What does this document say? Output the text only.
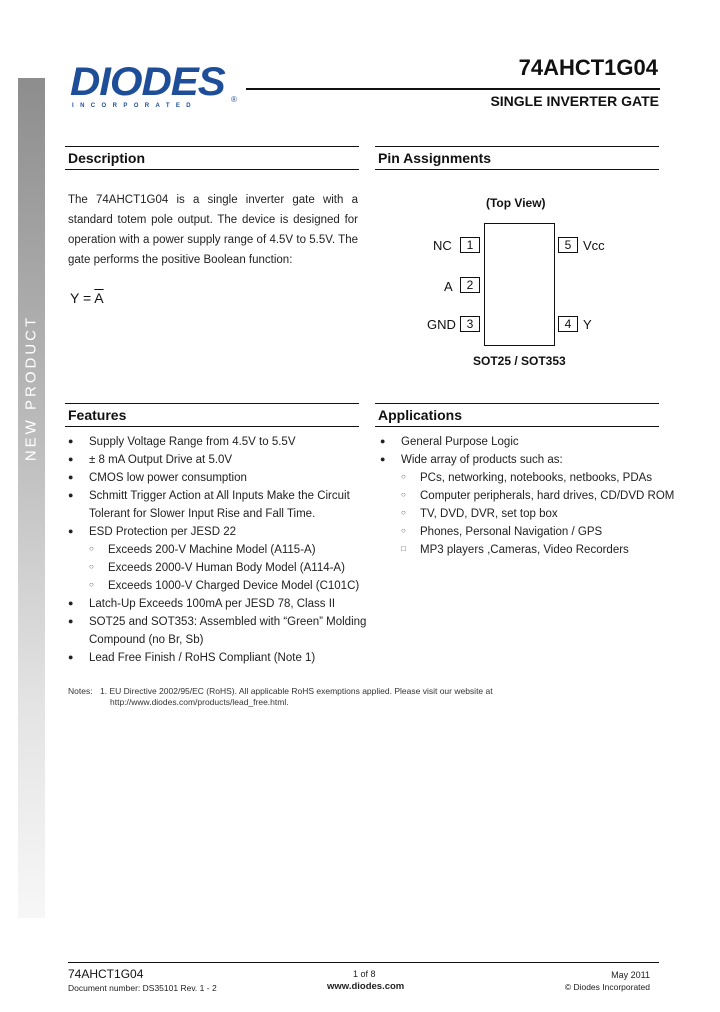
NEW PRODUCT
DIODES ®
INCORPORATED
74AHCT1G04
SINGLE INVERTER GATE
Description
The 74AHCT1G04 is a single inverter gate with a standard totem pole output. The device is designed for operation with a power supply range of 4.5V to 5.5V. The gate performs the positive Boolean function:
$Y = \overline{A}$
Pin Assignments
(Top View)
1
NC
2
A
3
GND	4 Y
5 Vcc
SOT25 / SOT353
Features
● Supply Voltage Range from 4.5V to 5.5V
● ± 8 mA Output Drive at 5.0V
● CMOS low power consumption
● Schmitt Trigger Action at All Inputs Make the Circuit
Tolerant for Slower Input Rise and Fall Time.
● ESD Protection per JESD 22
○ Exceeds 200-V Machine Model (A115-A)
○ Exceeds 2000-V Human Body Model (A114-A)
○ Exceeds 1000-V Charged Device Model (C101C)
● Latch-Up Exceeds 100mA per JESD 78, Class II
● SOT25 and SOT353: Assembled with “Green” Molding
Compound (no Br, Sb)
● Lead Free Finish / RoHS Compliant (Note 1)
Applications
● General Purpose Logic
● Wide array of products such as:
○ PCs, networking, notebooks, netbooks, PDAs
○ Computer peripherals, hard drives, CD/DVD ROM
○ TV, DVD, DVR, set top box
○ Phones, Personal Navigation / GPS
□ MP3 players ,Cameras, Video Recorders
Notes: 1. EU Directive 2002/95/EC (RoHS). All applicable RoHS exemptions applied. Please visit our website at
http://www.diodes.com/products/lead_free.html.
74AHCT1G04
Document number: DS35101 Rev. 1 - 2
1 of 8
www.diodes.com
May 2011
© Diodes Incorporated
